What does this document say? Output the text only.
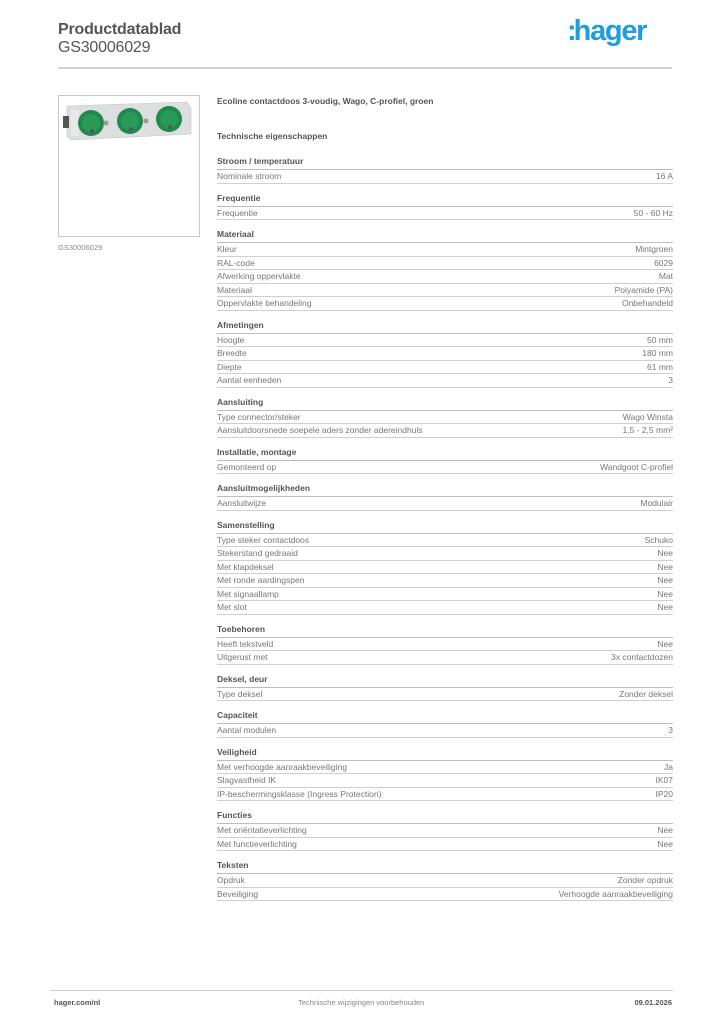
Productdatablad
GS30006029
:hager
GS30006029
Ecoline contactdoos 3-voudig, Wago, C-profiel, groen
Technische eigenschappen
Stroom / temperatuur
Nominale stroom	16 A
Frequentie
Frequentie	50 - 60 Hz
Materiaal
Kleur	Mintgroen
RAL-code	6029
Afwerking oppervlakte	Mat
Materiaal	Polyamide (PA)
Oppervlakte behandeling	Onbehandeld
Afmetingen
Hoogte	50 mm
Breedte	180 mm
Diepte	61 mm
Aantal eenheden	3
Aansluiting
Type connector/steker	Wago Winsta
Aansluitdoorsnede soepele aders zonder adereindhuls	1,5 - 2,5 mm²
Installatie, montage
Gemonteerd op	Wandgoot C-profiel
Aansluitmogelijkheden
Aansluitwijze	Modulair
Samenstelling
Type steker contactdoos	Schuko
Stekerstand gedraaid	Nee
Met klapdeksel	Nee
Met ronde aardingspen	Nee
Met signaallamp	Nee
Met slot	Nee
Toebehoren
Heeft tekstveld	Nee
Uitgerust met	3x contactdozen
Deksel, deur
Type deksel	Zonder deksel
Capaciteit
Aantal modulen	3
Veiligheid
Met verhoogde aanraakbeveiliging	Ja
Slagvastheid IK	IK07
IP-beschermingsklasse (Ingress Protection)	IP20
Functies
Met oriëntatieverlichting	Nee
Met functieverlichting	Nee
Teksten
Opdruk	Zonder opdruk
Beveiliging	Verhoogde aanraakbeveiliging
hager.com/nl	Technische wijzigingen voorbehouden	09.01.2026
